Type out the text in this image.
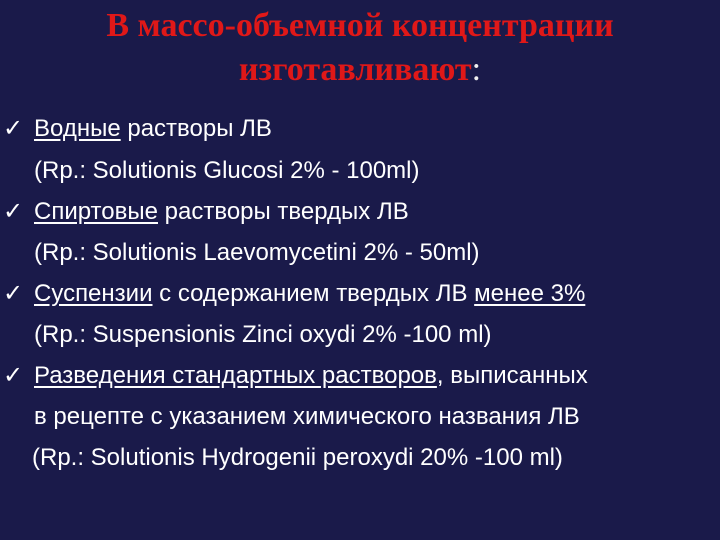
В массо-объемной концентрации
изготавливают:
✓ Водные растворы ЛВ
(Rp.: Solutionis Glucosi 2% - 100ml)
✓ Спиртовые растворы твердых ЛВ
(Rp.: Solutionis Laevomycetini 2% - 50ml)
✓ Суспензии с содержанием твердых ЛВ менее 3%
(Rp.: Suspensionis Zinci oxydi 2% -100 ml)
✓ Разведения стандартных растворов, выписанных
в рецепте с указанием химического названия ЛВ
(Rp.: Solutionis Hydrogenii peroxydi 20% -100 ml)
